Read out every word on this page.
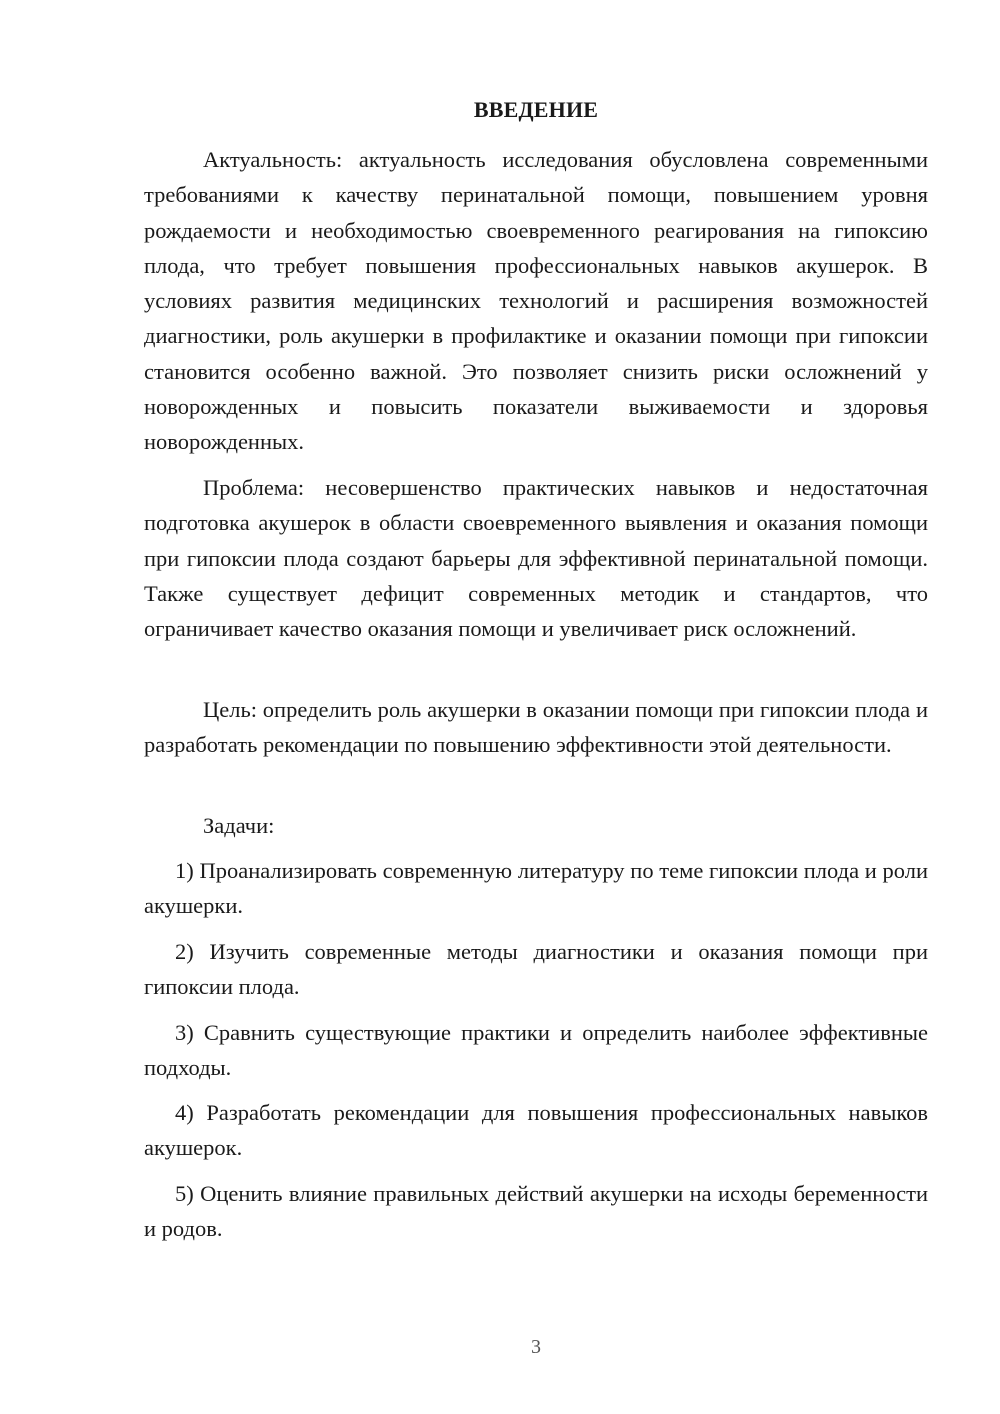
ВВЕДЕНИЕ

Актуальность: актуальность исследования обусловлена современными требованиями к качеству перинатальной помощи, повышением уровня рождаемости и необходимостью своевременного реагирования на гипоксию плода, что требует повышения профессиональных навыков акушерок. В условиях развития медицинских технологий и расширения возможностей диагностики, роль акушерки в профилактике и оказании помощи при гипоксии становится особенно важной. Это позволяет снизить риски осложнений у новорожденных и повысить показатели выживаемости и здоровья новорожденных.

Проблема: несовершенство практических навыков и недостаточная подготовка акушерок в области своевременного выявления и оказания помощи при гипоксии плода создают барьеры для эффективной перинатальной помощи. Также существует дефицит современных методик и стандартов, что ограничивает качество оказания помощи и увеличивает риск осложнений.

Цель: определить роль акушерки в оказании помощи при гипоксии плода и разработать рекомендации по повышению эффективности этой деятельности.

Задачи:

1) Проанализировать современную литературу по теме гипоксии плода и роли акушерки.

2) Изучить современные методы диагностики и оказания помощи при гипоксии плода.

3) Сравнить существующие практики и определить наиболее эффективные подходы.

4) Разработать рекомендации для повышения профессиональных навыков акушерок.

5) Оценить влияние правильных действий акушерки на исходы беременности и родов.

3
